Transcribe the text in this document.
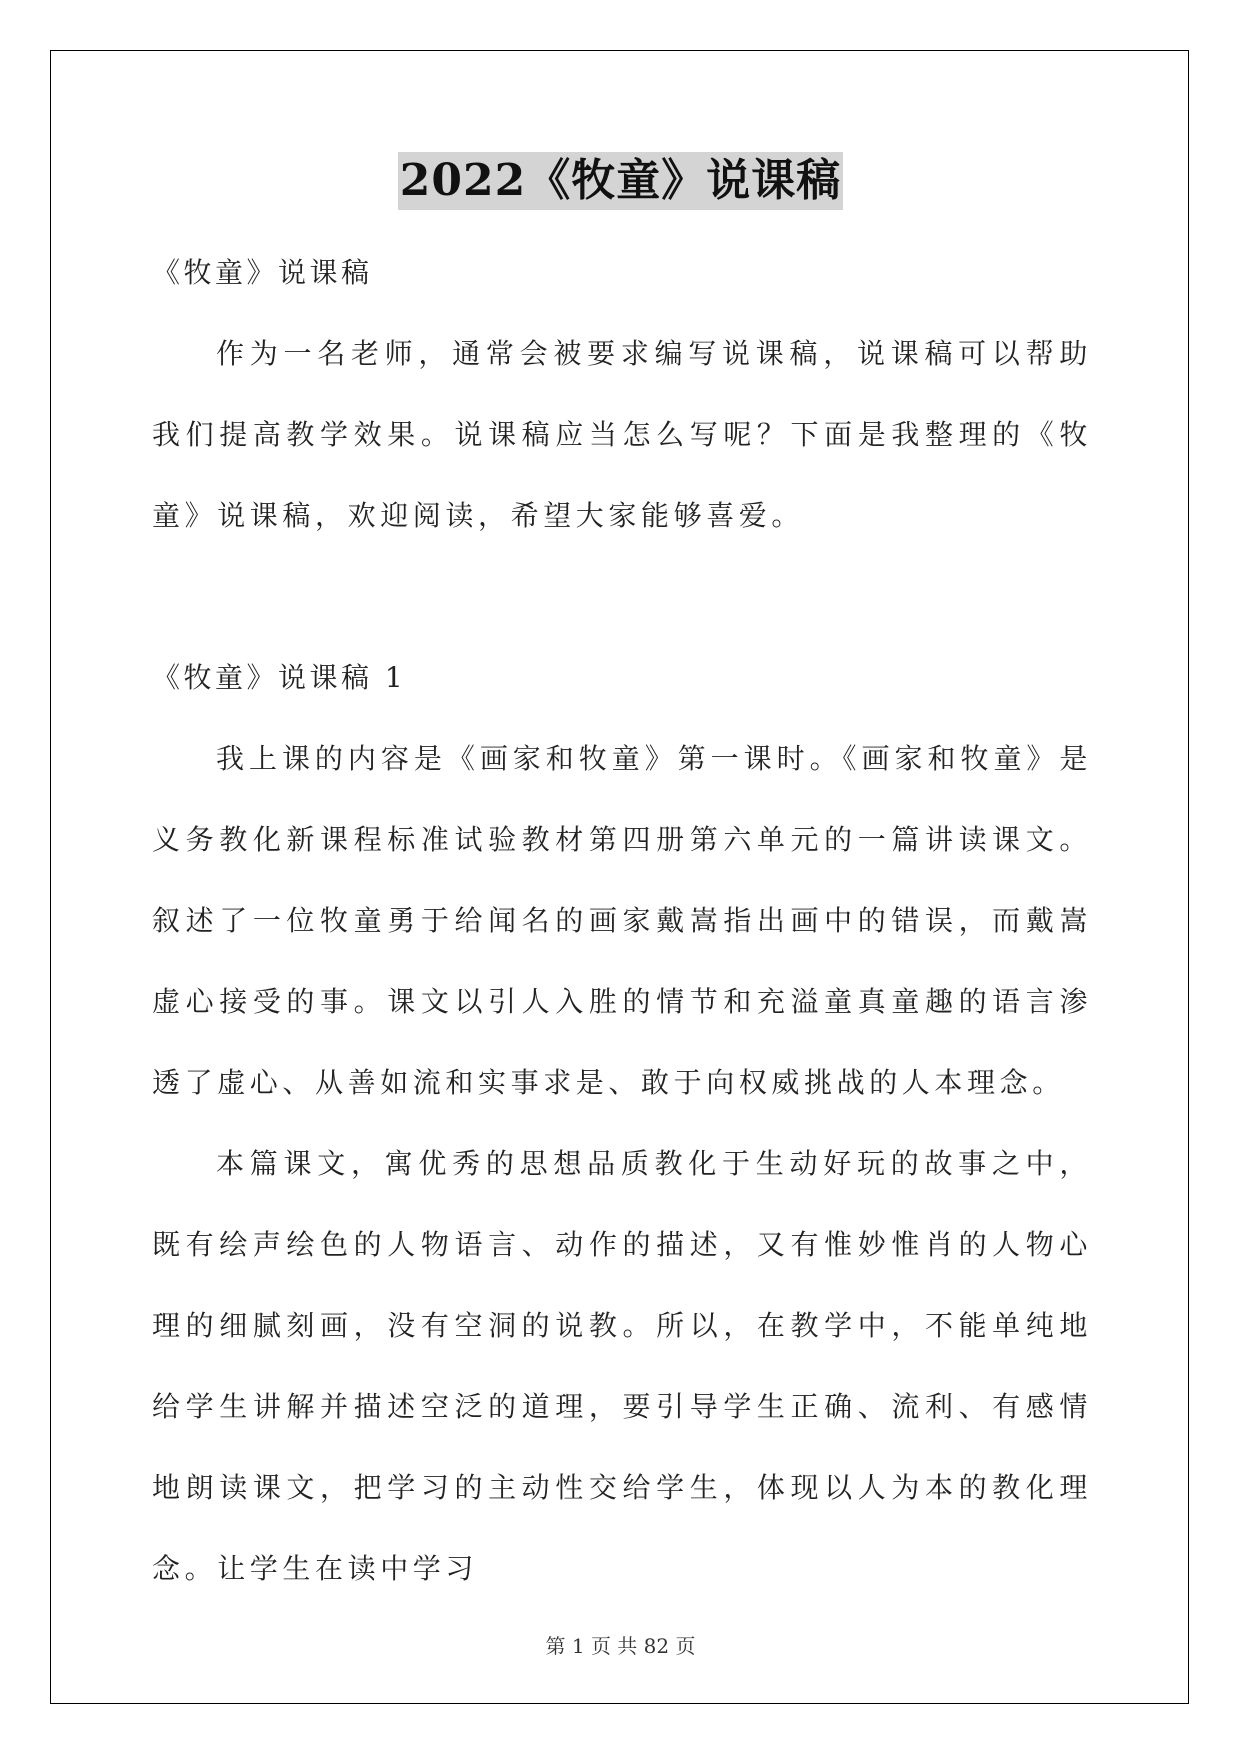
2022《牧童》说课稿

《牧童》说课稿

作为一名老师，通常会被要求编写说课稿，说课稿可以帮助我们提高教学效果。说课稿应当怎么写呢？下面是我整理的《牧童》说课稿，欢迎阅读，希望大家能够喜爱。

《牧童》说课稿 1

我上课的内容是《画家和牧童》第一课时。《画家和牧童》是义务教化新课程标准试验教材第四册第六单元的一篇讲读课文。叙述了一位牧童勇于给闻名的画家戴嵩指出画中的错误，而戴嵩虚心接受的事。课文以引人入胜的情节和充溢童真童趣的语言渗透了虚心、从善如流和实事求是、敢于向权威挑战的人本理念。

本篇课文，寓优秀的思想品质教化于生动好玩的故事之中，既有绘声绘色的人物语言、动作的描述，又有惟妙惟肖的人物心理的细腻刻画，没有空洞的说教。所以，在教学中，不能单纯地给学生讲解并描述空泛的道理，要引导学生正确、流利、有感情地朗读课文，把学习的主动性交给学生，体现以人为本的教化理念。让学生在读中学习

第 1 页 共 82 页
